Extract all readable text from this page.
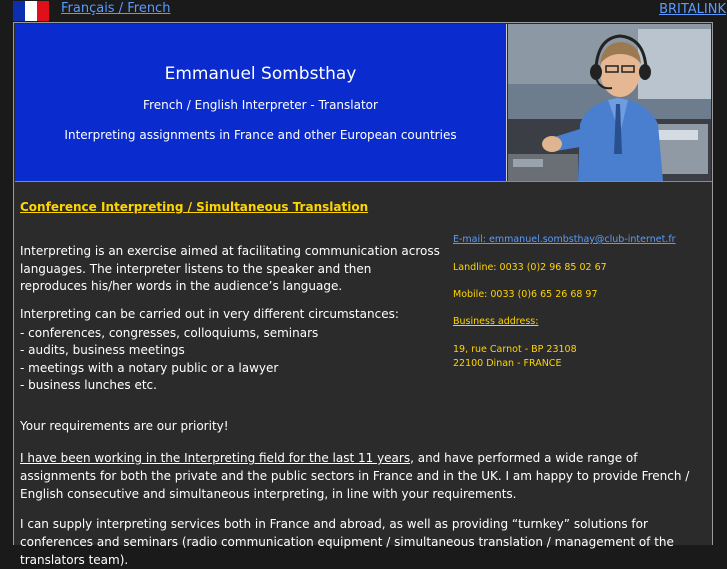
Français / French	BRITALINK
Emmanuel Sombsthay
French / English Interpreter - Translator
Interpreting assignments in France and other European countries
Conference Interpreting / Simultaneous Translation

Interpreting is an exercise aimed at facilitating communication across languages. The interpreter listens to the speaker and then reproduces his/her words in the audience’s language.

Interpreting can be carried out in very different circumstances:

- conferences, congresses, colloquiums, seminars
- audits, business meetings
- meetings with a notary public or a lawyer
- business lunches etc.

Your requirements are our priority!

I have been working in the Interpreting field for the last 11 years, and have performed a wide range of assignments for both the private and the public sectors in France and in the UK. I am happy to provide French / English consecutive and simultaneous interpreting, in line with your requirements.

I can supply interpreting services both in France and abroad, as well as providing “turnkey” solutions for conferences and seminars (radio communication equipment / simultaneous translation / management of the translators team).

E-mail: emmanuel.sombsthay@club-internet.fr
Landline: 0033 (0)2 96 85 02 67
Mobile: 0033 (0)6 65 26 68 97
Business address:
19, rue Carnot - BP 23108
22100 Dinan - FRANCE
